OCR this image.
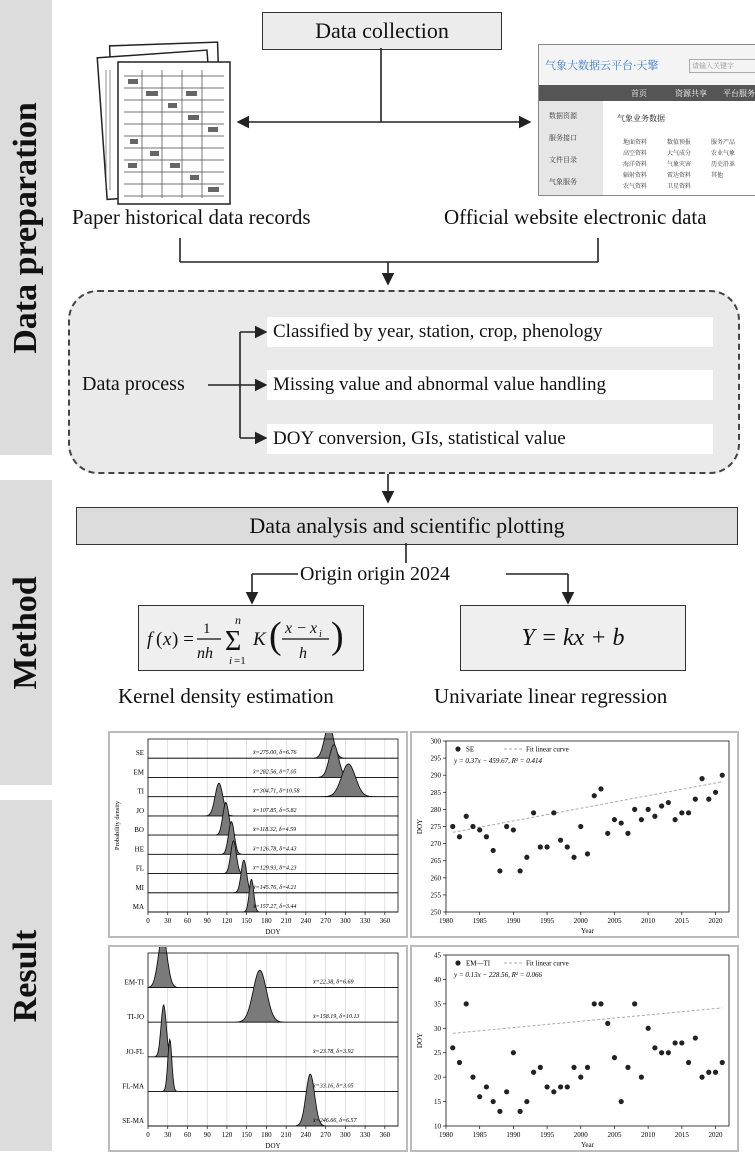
Data preparation
Method
Result
Data collection
Paper historical data records
气象大数据云平台·天擎	请输入关键字
首页	资源共享 平台服务
数据资源
服务接口
文件目录
气象服务
气象业务数据
地面资料	数值预报	服务产品
高空资料	大气成分	农业气象
海洋资料	气象灾害	历史沿革
辐射资料	雷达资料	其他
农气资料	卫星资料
Official website electronic data
Data process
Classified by year, station, crop, phenology
Missing value and abnormal value handling
DOY conversion, GIs, statistical value
Data analysis and scientific plotting
Origin origin 2024
f ( x ) = 1
nh
n
Σ
i =1
K ( x − x i
h )	Y = kx + b
Kernel density estimation	Univariate linear regression
SE	x̄=275.00, δ=6.76
EM	x̄=282.56, δ=7.05
TI	x̄=304.71, δ=10.58
JO	x̄=107.85, δ=5.82
BO	x̄=118.32, δ=4.59
HE	x̄=126.78, δ=4.43
FL	x̄=129.93, δ=4.23
MI	x̄=145.76, δ=4.21
MA	x̄=157.27, δ=3.44
0 30 60 90 120 150 180 210 240 270 300 330 360
DOY
Probability density
250
255
260
265
270
275
280
285
290
295
300
1980	1985	1990	1995	2000	2005	2010	2015	2020
Year
DOY
SE	Fit linear curve
y = 0.37x − 459.67, R² = 0.414
EM-TI	x̄=22.38, δ=6.69
TI-JO	x̄=158.19, δ=10.13
JO-FL	x̄=23.78, δ=3.92
FL-MA	x̄=33.16, δ=3.05
SE-MA	x̄=246.66, δ=6.57
0 30 60 90 120 150 180 210 240 270 300 330 360
DOY
10
15
20
25
30
35
40
45
1980	1985	1990	1995	2000	2005	2010	2015	2020
Year
DOY
EM—TI	Fit linear curve
y = 0.13x − 228.56, R² = 0.066
